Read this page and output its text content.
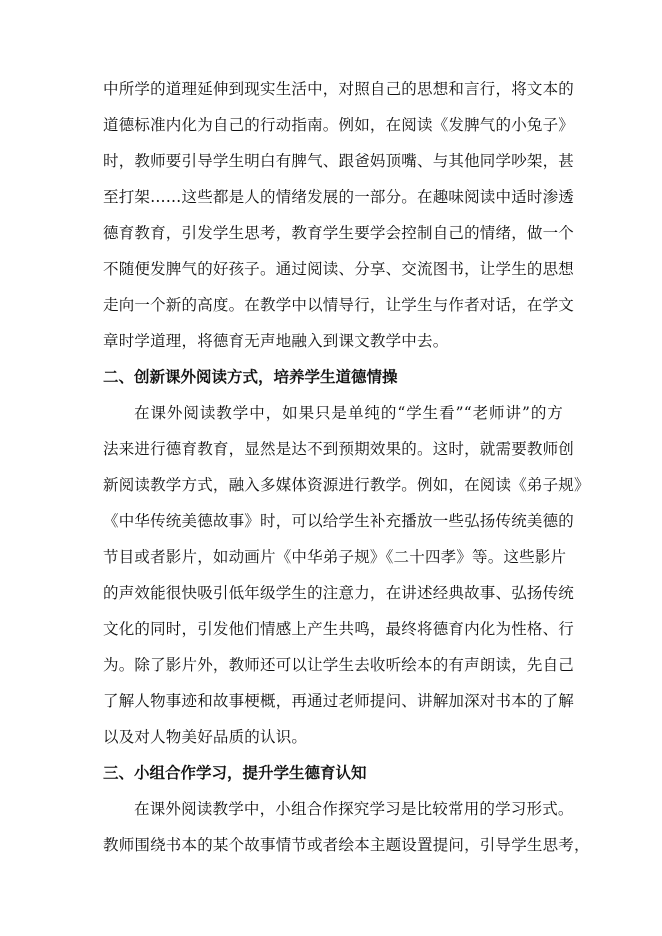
中所学的道理延伸到现实生活中，对照自己的思想和言行，将文本的
道德标准内化为自己的行动指南。例如，在阅读《发脾气的小兔子》
时，教师要引导学生明白有脾气、跟爸妈顶嘴、与其他同学吵架，甚
至打架……这些都是人的情绪发展的一部分。在趣味阅读中适时渗透
德育教育，引发学生思考，教育学生要学会控制自己的情绪，做一个
不随便发脾气的好孩子。通过阅读、分享、交流图书，让学生的思想
走向一个新的高度。在教学中以情导行，让学生与作者对话，在学文
章时学道理，将德育无声地融入到课文教学中去。
二、创新课外阅读方式，培养学生道德情操
在课外阅读教学中，如果只是单纯的“学生看”“老师讲”的方
法来进行德育教育，显然是达不到预期效果的。这时，就需要教师创
新阅读教学方式，融入多媒体资源进行教学。例如，在阅读《弟子规》
《中华传统美德故事》时，可以给学生补充播放一些弘扬传统美德的
节目或者影片，如动画片《中华弟子规》《二十四孝》等。这些影片
的声效能很快吸引低年级学生的注意力，在讲述经典故事、弘扬传统
文化的同时，引发他们情感上产生共鸣，最终将德育内化为性格、行
为。除了影片外，教师还可以让学生去收听绘本的有声朗读，先自己
了解人物事迹和故事梗概，再通过老师提问、讲解加深对书本的了解
以及对人物美好品质的认识。
三、小组合作学习，提升学生德育认知
在课外阅读教学中，小组合作探究学习是比较常用的学习形式。
教师围绕书本的某个故事情节或者绘本主题设置提问，引导学生思考，
